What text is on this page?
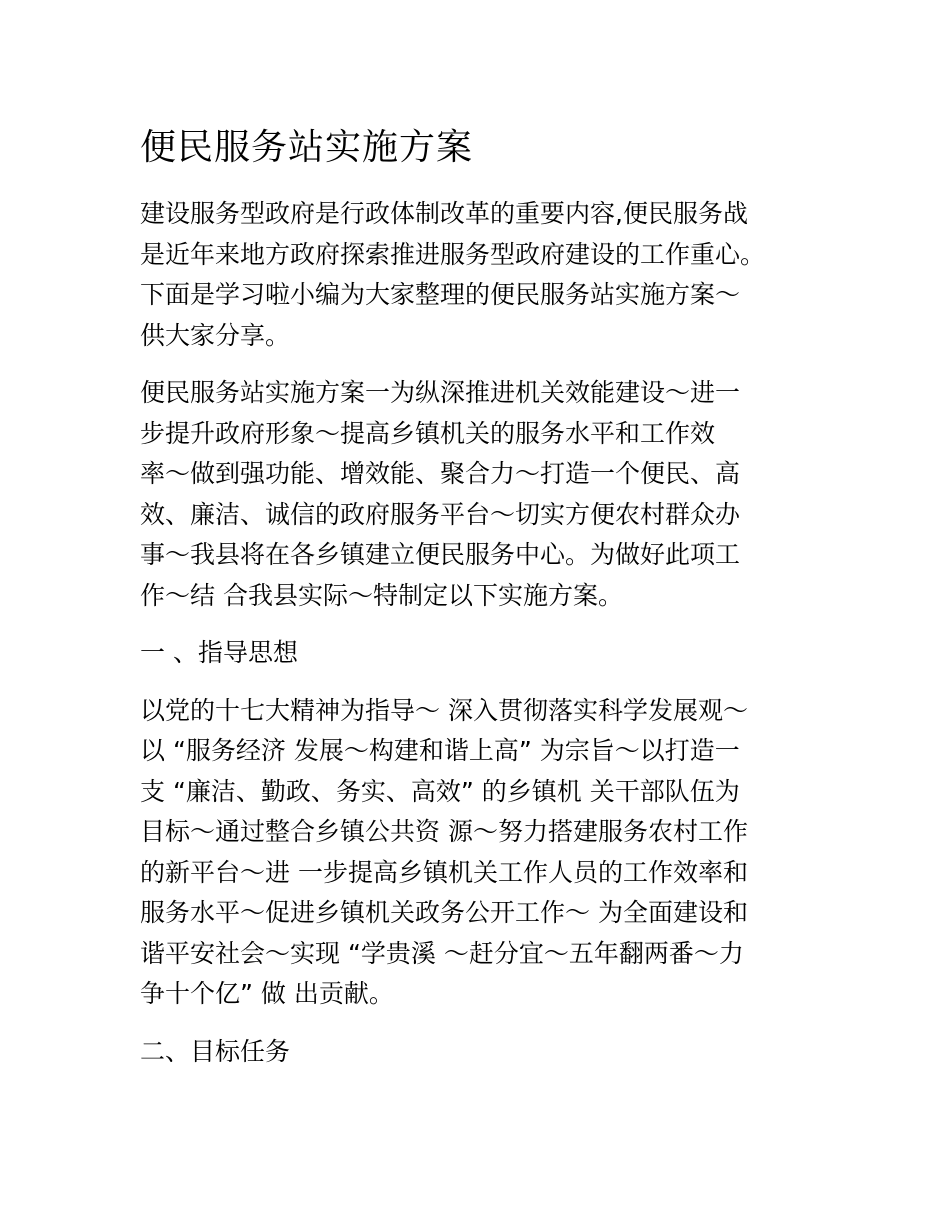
便民服务站实施方案
建设服务型政府是行政体制改革的重要内容,便民服务战
是近年来地方政府探索推进服务型政府建设的工作重心。
下面是学习啦小编为大家整理的便民服务站实施方案～
供大家分享。
便民服务站实施方案一为纵深推进机关效能建设～进一
步提升政府形象～提高乡镇机关的服务水平和工作效
率～做到强功能、增效能、聚合力～打造一个便民、高
效、廉洁、诚信的政府服务平台～切实方便农村群众办
事～我县将在各乡镇建立便民服务中心。为做好此项工
作～结 合我县实际～特制定以下实施方案。
一 、指导思想
以党的十七大精神为指导～ 深入贯彻落实科学发展观～
以 “服务经济 发展～构建和谐上高” 为宗旨～以打造一
支 “廉洁、勤政、务实、高效” 的乡镇机 关干部队伍为
目标～通过整合乡镇公共资 源～努力搭建服务农村工作
的新平台～进 一步提高乡镇机关工作人员的工作效率和
服务水平～促进乡镇机关政务公开工作～ 为全面建设和
谐平安社会～实现 “学贵溪 ～赶分宜～五年翻两番～力
争十个亿” 做 出贡献。
二、目标任务
